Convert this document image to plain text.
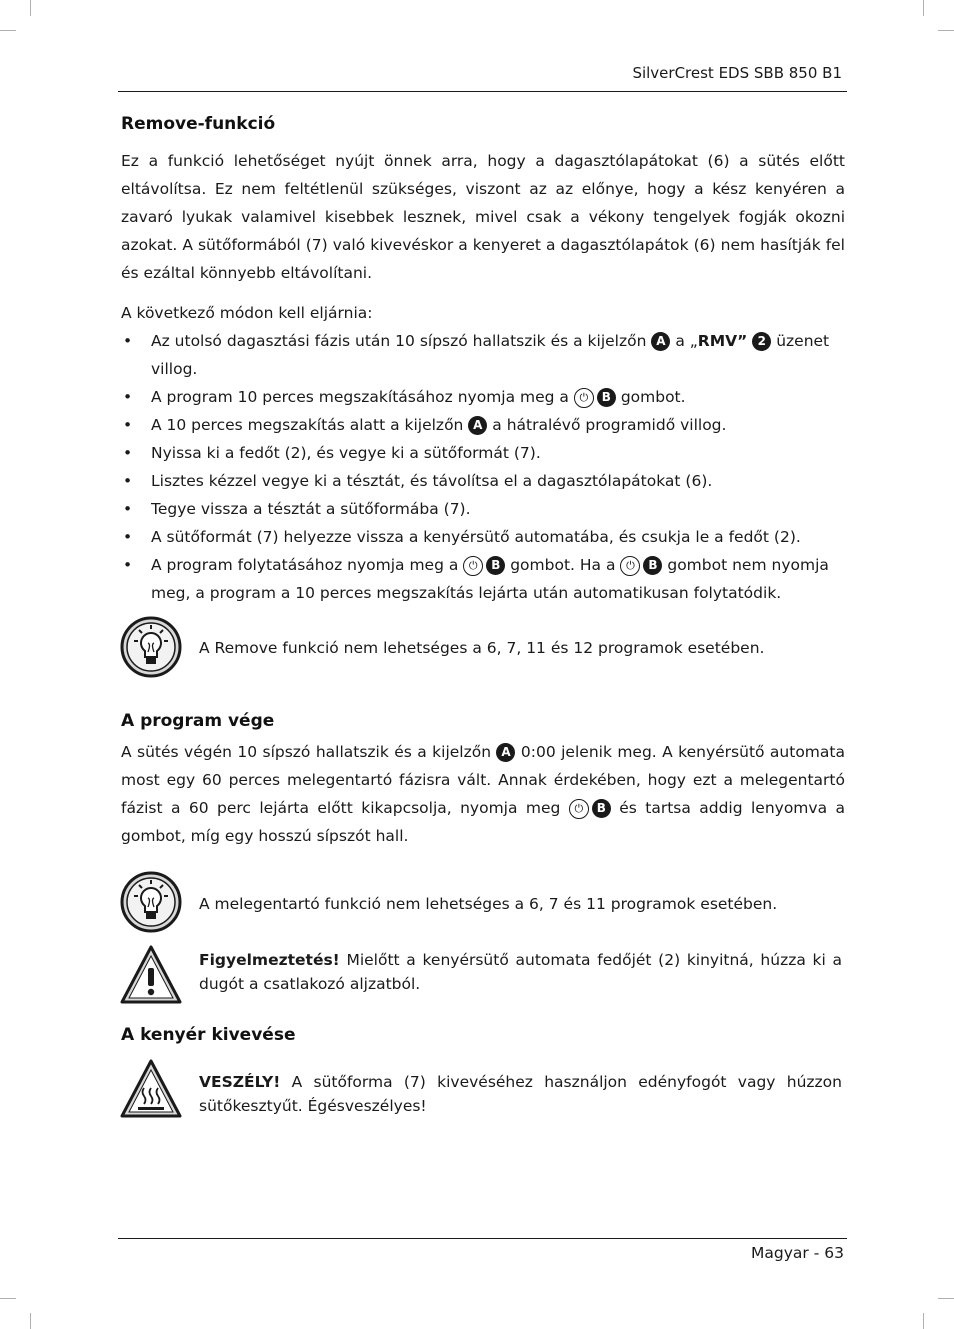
SilverCrest EDS SBB 850 B1
Remove-funkció
Ez a funkció lehetőséget nyújt önnek arra, hogy a dagasztólapátokat (6) a sütés előtt eltávolítsa. Ez nem feltétlenül szükséges, viszont az az előnye, hogy a kész kenyéren a zavaró lyukak valamivel kisebbek lesznek, mivel csak a vékony tengelyek fogják okozni azokat. A sütőformából (7) való kivevéskor a kenyeret a dagasztólapátok (6) nem hasítják fel és ezáltal könnyebb eltávolítani.
A következő módon kell eljárnia:
• Az utolsó dagasztási fázis után 10 sípszó hallatszik és a kijelzőn A a „RMV” 2 üzenet villog.
• A program 10 perces megszakításához nyomja meg a ⏻ B gombot.
• A 10 perces megszakítás alatt a kijelzőn A a hátralévő programidő villog.
• Nyissa ki a fedőt (2), és vegye ki a sütőformát (7).
• Lisztes kézzel vegye ki a tésztát, és távolítsa el a dagasztólapátokat (6).
• Tegye vissza a tésztát a sütőformába (7).
• A sütőformát (7) helyezze vissza a kenyérsütő automatába, és csukja le a fedőt (2).
• A program folytatásához nyomja meg a ⏻ B gombot. Ha a ⏻ B gombot nem nyomja meg, a program a 10 perces megszakítás lejárta után automatikusan folytatódik.
A Remove funkció nem lehetséges a 6, 7, 11 és 12 programok esetében.
A program vége
A sütés végén 10 sípszó hallatszik és a kijelzőn A 0:00 jelenik meg. A kenyérsütő automata most egy 60 perces melegentartó fázisra vált. Annak érdekében, hogy ezt a melegentartó fázist a 60 perc lejárta előtt kikapcsolja, nyomja meg ⏻ B és tartsa addig lenyomva a gombot, míg egy hosszú sípszót hall.
A melegentartó funkció nem lehetséges a 6, 7 és 11 programok esetében.
Figyelmeztetés! Mielőtt a kenyérsütő automata fedőjét (2) kinyitná, húzza ki a dugót a csatlakozó aljzatból.
A kenyér kivevése
VESZÉLY! A sütőforma (7) kivevéséhez használjon edényfogót vagy húzzon sütőkesztyűt. Égésveszélyes!
Magyar - 63
